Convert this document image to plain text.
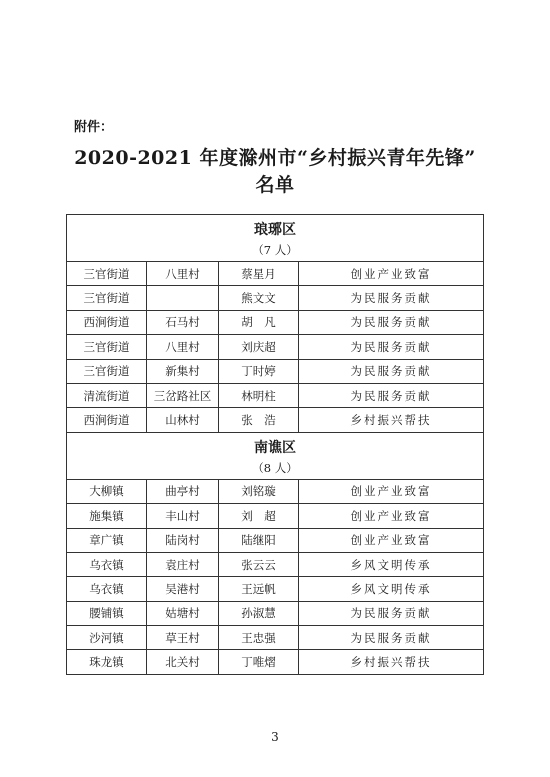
附件：
2020-2021 年度滁州市“乡村振兴青年先锋”
名单
琅琊区			
（7 人）			
三官街道	八里村	蔡星月	创业产业致富
三官街道		熊文文	为民服务贡献
西涧街道	石马村	胡　凡	为民服务贡献
三官街道	八里村	刘庆超	为民服务贡献
三官街道	新集村	丁时婷	为民服务贡献
清流街道	三岔路社区	林明柱	为民服务贡献
西涧街道	山林村	张　浩	乡村振兴帮扶
南谯区			
（8 人）			
大柳镇	曲亭村	刘铭璇	创业产业致富
施集镇	丰山村	刘　超	创业产业致富
章广镇	陆岗村	陆继阳	创业产业致富
乌衣镇	袁庄村	张云云	乡风文明传承
乌衣镇	吴港村	王远帆	乡风文明传承
腰铺镇	姑塘村	孙淑慧	为民服务贡献
沙河镇	草王村	王忠强	为民服务贡献
珠龙镇	北关村	丁唯熠	乡村振兴帮扶
3
